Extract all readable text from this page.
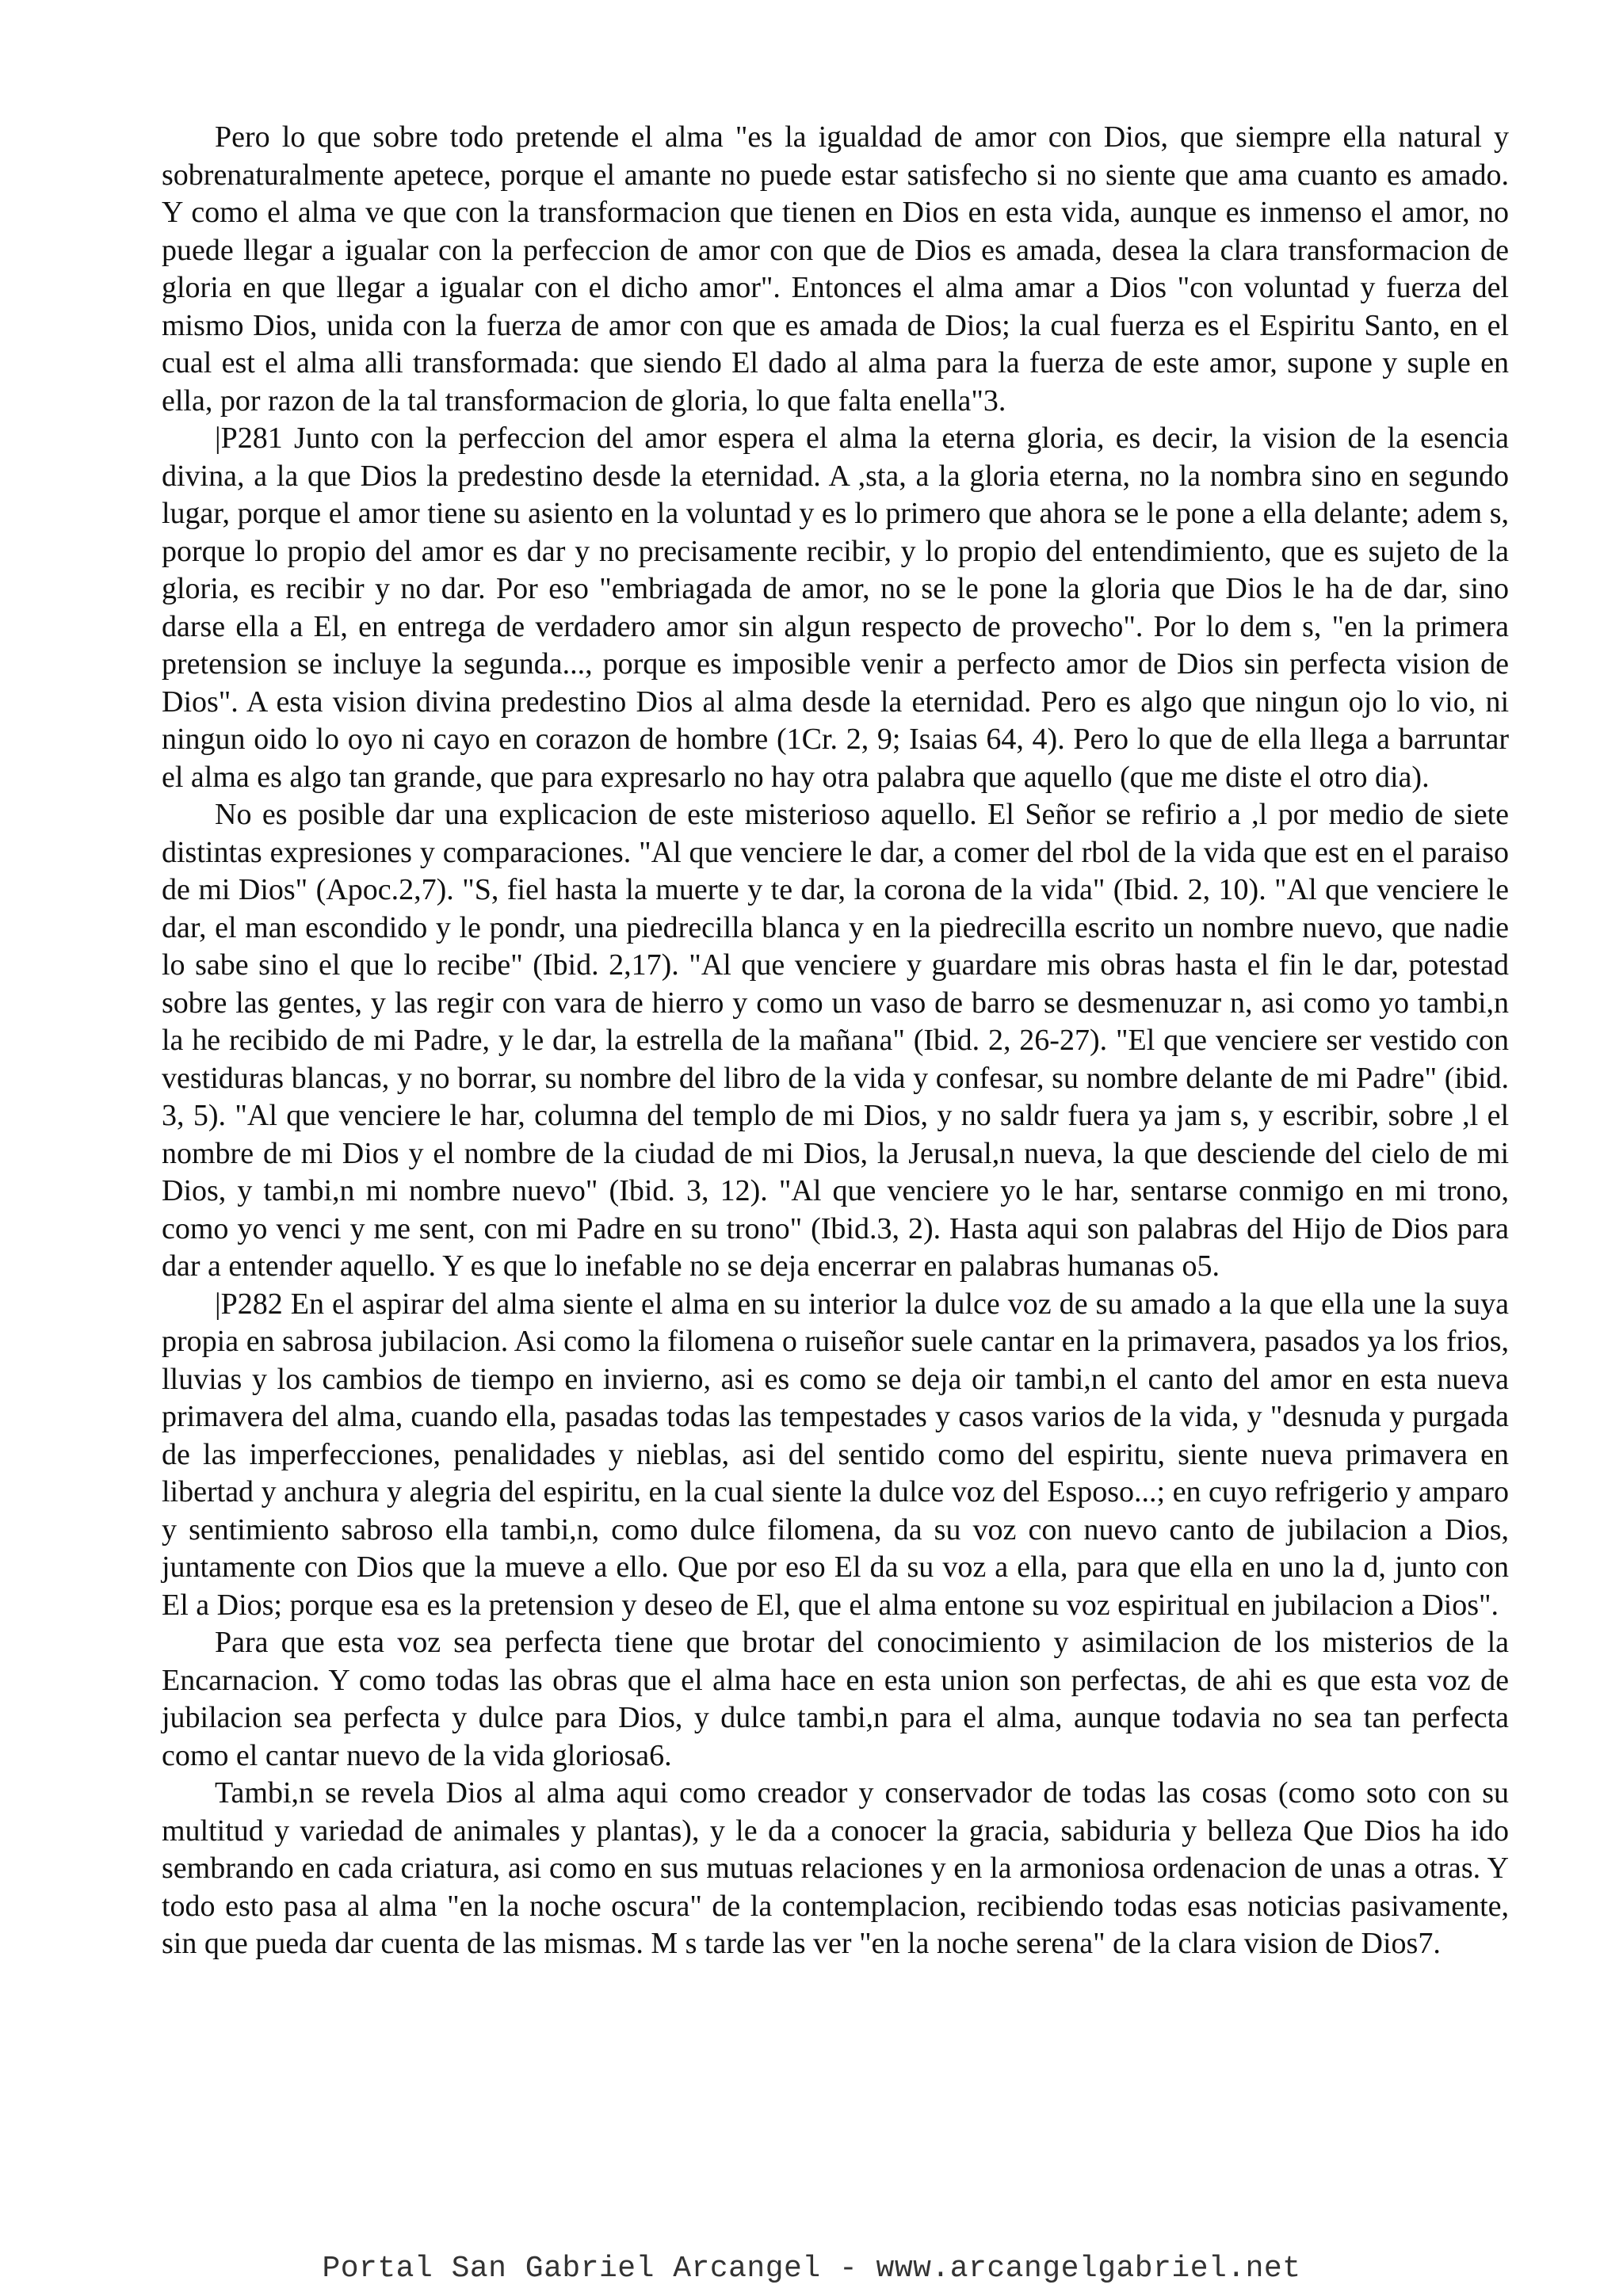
Pero lo que sobre todo pretende el alma "es la igualdad de amor con Dios, que siempre ella natural y sobrenaturalmente apetece, porque el amante no puede estar satisfecho si no siente que ama cuanto es amado. Y como el alma ve que con la transformacion que tienen en Dios en esta vida, aunque es inmenso el amor, no puede llegar a igualar con la perfeccion de amor con que de Dios es amada, desea la clara transformacion de gloria en que llegar a igualar con el dicho amor". Entonces el alma amar a Dios "con voluntad y fuerza del mismo Dios, unida con la fuerza de amor con que es amada de Dios; la cual fuerza es el Espiritu Santo, en el cual est el alma alli transformada: que siendo El dado al alma para la fuerza de este amor, supone y suple en ella, por razon de la tal transformacion de gloria, lo que falta enella"3.

|P281 Junto con la perfeccion del amor espera el alma la eterna gloria, es decir, la vision de la esencia divina, a la que Dios la predestino desde la eternidad. A ,sta, a la gloria eterna, no la nombra sino en segundo lugar, porque el amor tiene su asiento en la voluntad y es lo primero que ahora se le pone a ella delante; adem s, porque lo propio del amor es dar y no precisamente recibir, y lo propio del entendimiento, que es sujeto de la gloria, es recibir y no dar. Por eso "embriagada de amor, no se le pone la gloria que Dios le ha de dar, sino darse ella a El, en entrega de verdadero amor sin algun respecto de provecho". Por lo dem s, "en la primera pretension se incluye la segunda..., porque es imposible venir a perfecto amor de Dios sin perfecta vision de Dios". A esta vision divina predestino Dios al alma desde la eternidad. Pero es algo que ningun ojo lo vio, ni ningun oido lo oyo ni cayo en corazon de hombre (1Cr. 2, 9; Isaias 64, 4). Pero lo que de ella llega a barruntar el alma es algo tan grande, que para expresarlo no hay otra palabra que aquello (que me diste el otro dia).

No es posible dar una explicacion de este misterioso aquello. El Señor se refirio a ,l por medio de siete distintas expresiones y comparaciones. "Al que venciere le dar, a comer del rbol de la vida que est en el paraiso de mi Dios" (Apoc.2,7). "S, fiel hasta la muerte y te dar, la corona de la vida" (Ibid. 2, 10). "Al que venciere le dar, el man escondido y le pondr, una piedrecilla blanca y en la piedrecilla escrito un nombre nuevo, que nadie lo sabe sino el que lo recibe" (Ibid. 2,17). "Al que venciere y guardare mis obras hasta el fin le dar, potestad sobre las gentes, y las regir con vara de hierro y como un vaso de barro se desmenuzar n, asi como yo tambi,n la he recibido de mi Padre, y le dar, la estrella de la mañana" (Ibid. 2, 26-27). "El que venciere ser vestido con vestiduras blancas, y no borrar, su nombre del libro de la vida y confesar, su nombre delante de mi Padre" (ibid. 3, 5). "Al que venciere le har, columna del templo de mi Dios, y no saldr fuera ya jam s, y escribir, sobre ,l el nombre de mi Dios y el nombre de la ciudad de mi Dios, la Jerusal,n nueva, la que desciende del cielo de mi Dios, y tambi,n mi nombre nuevo" (Ibid. 3, 12). "Al que venciere yo le har, sentarse conmigo en mi trono, como yo venci y me sent, con mi Padre en su trono" (Ibid.3, 2). Hasta aqui son palabras del Hijo de Dios para dar a entender aquello. Y es que lo inefable no se deja encerrar en palabras humanas o5.

|P282 En el aspirar del alma siente el alma en su interior la dulce voz de su amado a la que ella une la suya propia en sabrosa jubilacion. Asi como la filomena o ruiseñor suele cantar en la primavera, pasados ya los frios, lluvias y los cambios de tiempo en invierno, asi es como se deja oir tambi,n el canto del amor en esta nueva primavera del alma, cuando ella, pasadas todas las tempestades y casos varios de la vida, y "desnuda y purgada de las imperfecciones, penalidades y nieblas, asi del sentido como del espiritu, siente nueva primavera en libertad y anchura y alegria del espiritu, en la cual siente la dulce voz del Esposo...; en cuyo refrigerio y amparo y sentimiento sabroso ella tambi,n, como dulce filomena, da su voz con nuevo canto de jubilacion a Dios, juntamente con Dios que la mueve a ello. Que por eso El da su voz a ella, para que ella en uno la d, junto con El a Dios; porque esa es la pretension y deseo de El, que el alma entone su voz espiritual en jubilacion a Dios".

Para que esta voz sea perfecta tiene que brotar del conocimiento y asimilacion de los misterios de la Encarnacion. Y como todas las obras que el alma hace en esta union son perfectas, de ahi es que esta voz de jubilacion sea perfecta y dulce para Dios, y dulce tambi,n para el alma, aunque todavia no sea tan perfecta como el cantar nuevo de la vida gloriosa6.

Tambi,n se revela Dios al alma aqui como creador y conservador de todas las cosas (como soto con su multitud y variedad de animales y plantas), y le da a conocer la gracia, sabiduria y belleza Que Dios ha ido sembrando en cada criatura, asi como en sus mutuas relaciones y en la armoniosa ordenacion de unas a otras. Y todo esto pasa al alma "en la noche oscura" de la contemplacion, recibiendo todas esas noticias pasivamente, sin que pueda dar cuenta de las mismas. M s tarde las ver "en la noche serena" de la clara vision de Dios7.

Portal San Gabriel Arcangel - www.arcangelgabriel.net
